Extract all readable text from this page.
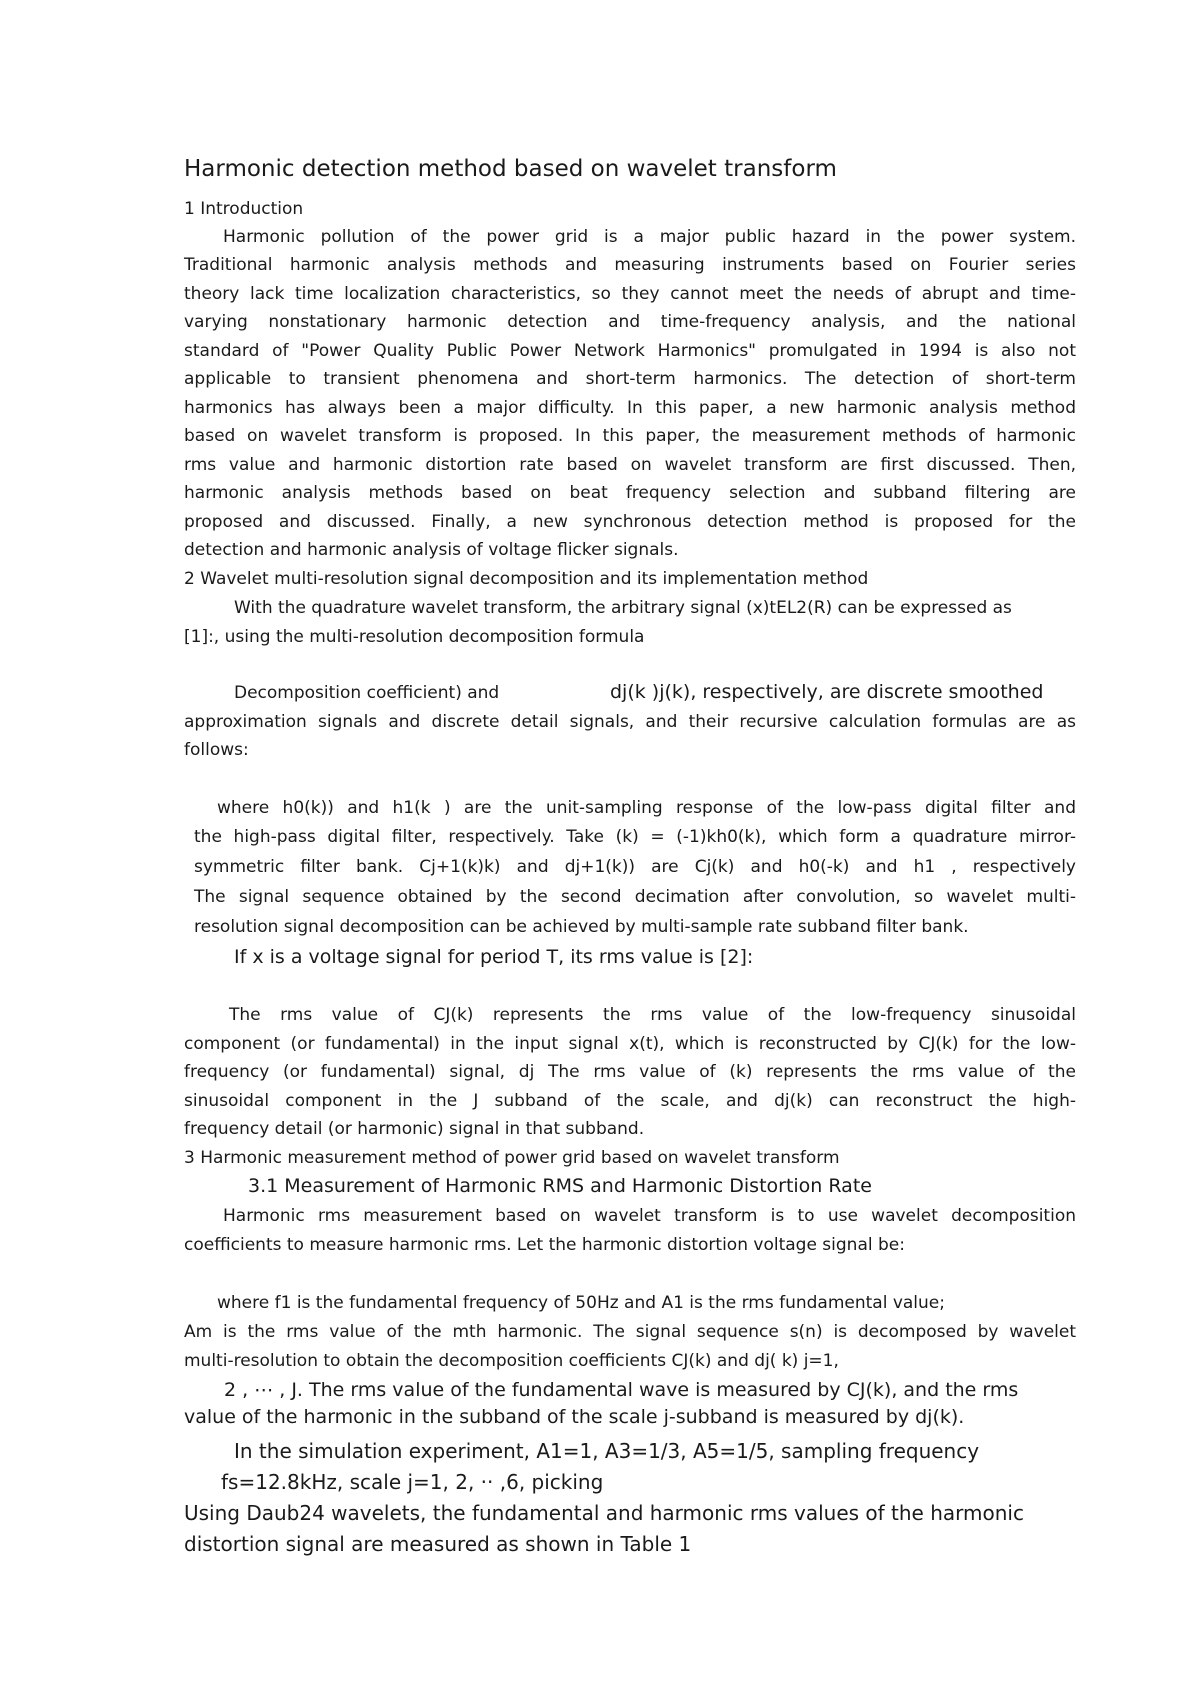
Harmonic detection method based on wavelet transform
1 Introduction
Harmonic pollution of the power grid is a major public hazard in the power system.
Traditional harmonic analysis methods and measuring instruments based on Fourier series
theory lack time localization characteristics, so they cannot meet the needs of abrupt and time-
varying nonstationary harmonic detection and time-frequency analysis, and the national
standard of "Power Quality Public Power Network Harmonics" promulgated in 1994 is also not
applicable to transient phenomena and short-term harmonics. The detection of short-term
harmonics has always been a major difficulty. In this paper, a new harmonic analysis method
based on wavelet transform is proposed. In this paper, the measurement methods of harmonic
rms value and harmonic distortion rate based on wavelet transform are first discussed. Then,
harmonic analysis methods based on beat frequency selection and subband filtering are
proposed and discussed. Finally, a new synchronous detection method is proposed for the
detection and harmonic analysis of voltage flicker signals.
2 Wavelet multi-resolution signal decomposition and its implementation method
With the quadrature wavelet transform, the arbitrary signal (x)tEL2(R) can be expressed as
[1]:, using the multi-resolution decomposition formula
Decomposition coefficient) and	dj(k )j(k), respectively, are discrete smoothed
approximation signals and discrete detail signals, and their recursive calculation formulas are as
follows:
where h0(k)) and h1(k ) are the unit-sampling response of the low-pass digital filter and
the high-pass digital filter, respectively. Take (k) = (-1)kh0(k), which form a quadrature mirror-
symmetric filter bank. Cj+1(k)k) and dj+1(k)) are Cj(k) and h0(-k) and h1 , respectively
The signal sequence obtained by the second decimation after convolution, so wavelet multi-
resolution signal decomposition can be achieved by multi-sample rate subband filter bank.
If x is a voltage signal for period T, its rms value is [2]:
The rms value of CJ(k) represents the rms value of the low-frequency sinusoidal
component (or fundamental) in the input signal x(t), which is reconstructed by CJ(k) for the low-
frequency (or fundamental) signal, dj The rms value of (k) represents the rms value of the
sinusoidal component in the J subband of the scale, and dj(k) can reconstruct the high-
frequency detail (or harmonic) signal in that subband.
3 Harmonic measurement method of power grid based on wavelet transform
3.1 Measurement of Harmonic RMS and Harmonic Distortion Rate
Harmonic rms measurement based on wavelet transform is to use wavelet decomposition
coefficients to measure harmonic rms. Let the harmonic distortion voltage signal be:
where f1 is the fundamental frequency of 50Hz and A1 is the rms fundamental value;
Am is the rms value of the mth harmonic. The signal sequence s(n) is decomposed by wavelet
multi-resolution to obtain the decomposition coefficients CJ(k) and dj( k) j=1,
2 , ⋯ , J. The rms value of the fundamental wave is measured by CJ(k), and the rms
value of the harmonic in the subband of the scale j-subband is measured by dj(k).
In the simulation experiment, A1=1, A3=1/3, A5=1/5, sampling frequency
fs=12.8kHz, scale j=1, 2, ·· ,6, picking
Using Daub24 wavelets, the fundamental and harmonic rms values of the harmonic
distortion signal are measured as shown in Table 1
